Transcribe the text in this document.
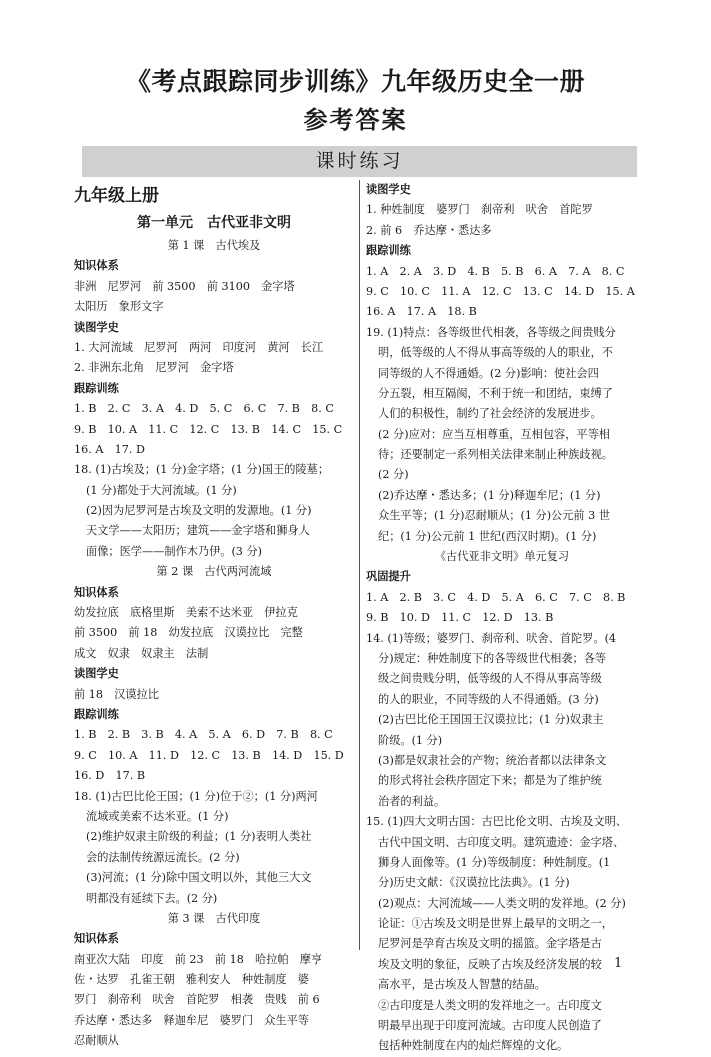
《考点跟踪同步训练》九年级历史全一册
参考答案
课时练习
九年级上册
第一单元　古代亚非文明
第 1 课　古代埃及
知识体系
非洲　尼罗河　前 3500　前 3100　金字塔
太阳历　象形文字
读图学史
1. 大河流域　尼罗河　两河　印度河　黄河　长江
2. 非洲东北角　尼罗河　金字塔
跟踪训练
1. B　2. C　3. A　4. D　5. C　6. C　7. B　8. C
9. B　10. A　11. C　12. C　13. B　14. C　15. C
16. A　17. D
18. (1)古埃及；(1 分)金字塔；(1 分)国王的陵墓；
(1 分)都处于大河流域。(1 分)
(2)因为尼罗河是古埃及文明的发源地。(1 分)
天文学——太阳历；建筑——金字塔和狮身人
面像；医学——制作木乃伊。(3 分)
第 2 课　古代两河流域
知识体系
幼发拉底　底格里斯　美索不达米亚　伊拉克
前 3500　前 18　幼发拉底　汉谟拉比　完整
成文　奴隶　奴隶主　法制
读图学史
前 18　汉谟拉比
跟踪训练
1. B　2. B　3. B　4. A　5. A　6. D　7. B　8. C
9. C　10. A　11. D　12. C　13. B　14. D　15. D
16. D　17. B
18. (1)古巴比伦王国；(1 分)位于②；(1 分)两河
流域或美索不达米亚。(1 分)
(2)维护奴隶主阶级的利益；(1 分)表明人类社
会的法制传统源远流长。(2 分)
(3)河流；(1 分)除中国文明以外，其他三大文
明都没有延续下去。(2 分)
第 3 课　古代印度
知识体系
南亚次大陆　印度　前 23　前 18　哈拉帕　摩亨
佐・达罗　孔雀王朝　雅利安人　种姓制度　婆
罗门　刹帝利　吠舍　首陀罗　相袭　贵贱　前 6
乔达摩・悉达多　释迦牟尼　婆罗门　众生平等
忍耐顺从
读图学史
1. 种姓制度　婆罗门　刹帝利　吠舍　首陀罗
2. 前 6　乔达摩・悉达多
跟踪训练
1. A　2. A　3. D　4. B　5. B　6. A　7. A　8. C
9. C　10. C　11. A　12. C　13. C　14. D　15. A
16. A　17. A　18. B
19. (1)特点：各等级世代相袭，各等级之间贵贱分
明，低等级的人不得从事高等级的人的职业，不
同等级的人不得通婚。(2 分)影响：使社会四
分五裂，相互隔阂，不利于统一和团结，束缚了
人们的积极性，制约了社会经济的发展进步。
(2 分)应对：应当互相尊重，互相包容，平等相
待；还要制定一系列相关法律来制止种族歧视。
(2 分)
(2)乔达摩・悉达多；(1 分)释迦牟尼；(1 分)
众生平等；(1 分)忍耐顺从；(1 分)公元前 3 世
纪；(1 分)公元前 1 世纪(西汉时期)。(1 分)
《古代亚非文明》单元复习
巩固提升
1. A　2. B　3. C　4. D　5. A　6. C　7. C　8. B
9. B　10. D　11. C　12. D　13. B
14. (1)等级；婆罗门、刹帝利、吠舍、首陀罗。(4
分)规定：种姓制度下的各等级世代相袭；各等
级之间贵贱分明，低等级的人不得从事高等级
的人的职业，不同等级的人不得通婚。(3 分)
(2)古巴比伦王国国王汉谟拉比；(1 分)奴隶主
阶级。(1 分)
(3)都是奴隶社会的产物；统治者都以法律条文
的形式将社会秩序固定下来；都是为了维护统
治者的利益。
15. (1)四大文明古国：古巴比伦文明、古埃及文明、
古代中国文明、古印度文明。建筑遗迹：金字塔、
狮身人面像等。(1 分)等级制度：种姓制度。(1
分)历史文献：《汉谟拉比法典》。(1 分)
(2)观点：大河流域——人类文明的发祥地。(2 分)
论证：①古埃及文明是世界上最早的文明之一，
尼罗河是孕育古埃及文明的摇篮。金字塔是古
埃及文明的象征，反映了古埃及经济发展的较
高水平，是古埃及人智慧的结晶。
②古印度是人类文明的发祥地之一。古印度文
明最早出现于印度河流域。古印度人民创造了
包括种姓制度在内的灿烂辉煌的文化。
1
